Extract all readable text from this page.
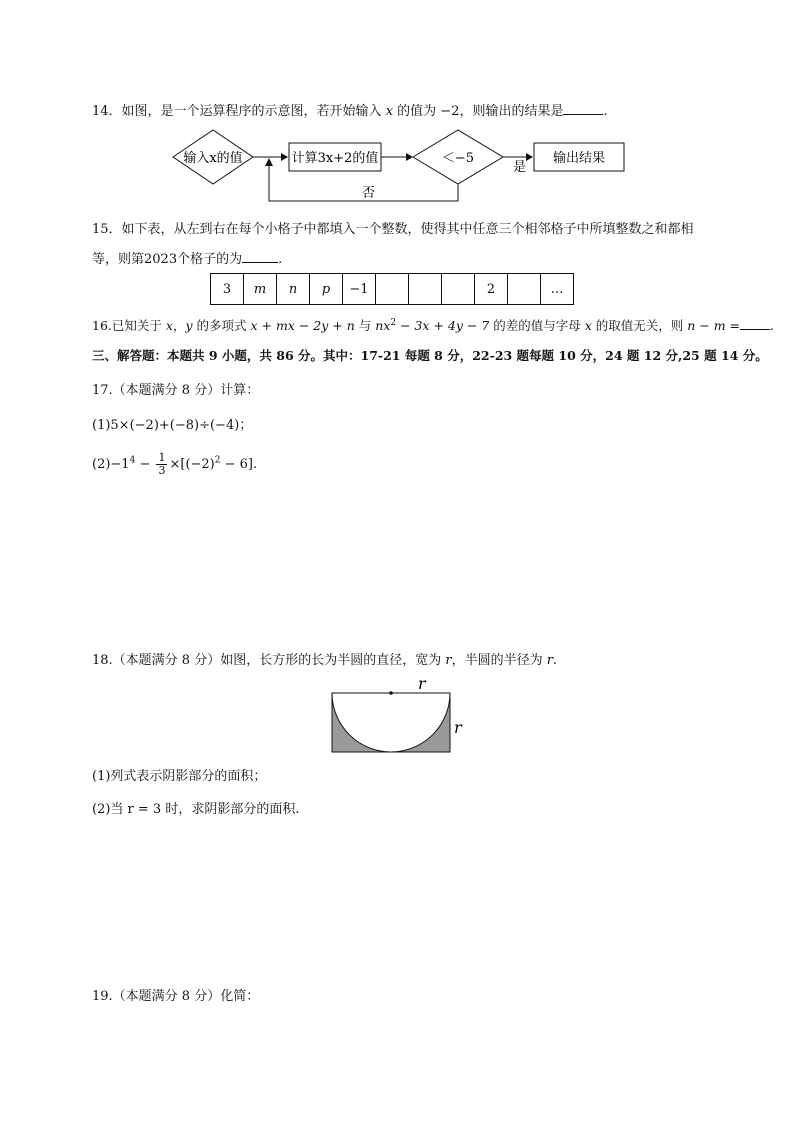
14．如图，是一个运算程序的示意图，若开始输入 x 的值为 −2，则输出的结果是	.
输入x的值	计算3x+2的值	＜−5
是
输出结果
否
15．如下表，从左到右在每个小格子中都填入一个整数，使得其中任意三个相邻格子中所填整数之和都相
等，则第2023个格子的为	.
3	m	n	p	−1				2		…
16.已知关于 x，y 的多项式 x + mx − 2y + n 与 $nx^2 - 3x + 4y - 7$ 的差的值与字母 x 的取值无关，则 n − m = .
三、解答题：本题共 9 小题，共 86 分。其中：17-21 每题 8 分，22-23 题每题 10 分，24 题 12 分,25 题 14 分。
17.（本题满分 8 分）计算：
(1)5×(−2)+(−8)÷(−4)；
$(2)-1^4 - \frac{1}{3} \times[(-2)^2 - 6]$.
18.（本题满分 8 分）如图，长方形的长为半圆的直径，宽为 r，半圆的半径为 r.
r
r
(1)列式表示阴影部分的面积；
(2)当 r = 3 时，求阴影部分的面积.
19.（本题满分 8 分）化简：
